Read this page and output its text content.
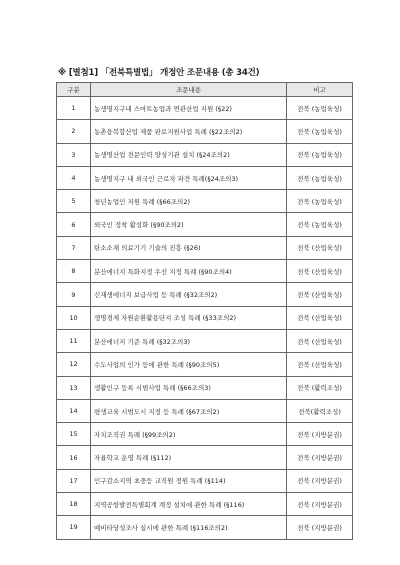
※ [별첨1] 「전북특별법」 개정안 조문내용 (총 34건)
구분	조문내용	비고
1	농생명지구내 스마트농업과 연관산업 지원 (§22)	전북 (농업육성)
2	농촌융복합산업 제품 판로지원사업 특례 (§22조의2)	전북 (농업육성)
3	농생명산업 전문인력 양성기관 설치 (§24조의2)	전북 (농업육성)
4	농생명지구 내 외국인 근로자 파견 특례(§24조의3)	전북 (농업육성)
5	청년농업인 지원 특례 (§66조의2)	전북 (농업육성)
6	외국인 정착 활성화 (§90조의2)	전북 (농업육성)
7	탄소소재 의료기기 기술의 진흥 (§26)	전북 (산업육성)
8	분산에너지 특화지정 우선 지정 특례 (§90조의4)	전북 (산업육성)
9	신재생에너지 보급사업 등 특례 (§32조의2)	전북 (산업육성)
10	생명경제 자원순환활용단지 조성 특례 (§33조의2)	전북 (산업육성)
11	분산에너지 기준 특례 (§32조의3)	전북 (산업육성)
12	수도사업의 인가 등에 관한 특례 (§90조의5)	전북 (산업육성)
13	생활인구 등록 시범사업 특례 (§66조의3)	전북 (활력조성)
14	평생교육 시범도시 지정 등 특례 (§67조의2)	전북(활력조성)
15	자치조직권 특례 (§99조의2)	전북 (지방분권)
16	자율학교 운영 특례 (§112)	전북 (지방분권)
17	인구감소지역 초중등 교직원 정원 특례 (§114)	전북 (지방분권)
18	지역공항발전특별회계 계정 설치에 관한 특례 (§116)	전북 (지방분권)
19	예비타당성조사 실시에 관한 특례 (§116조의2)	전북 (지방분권)
